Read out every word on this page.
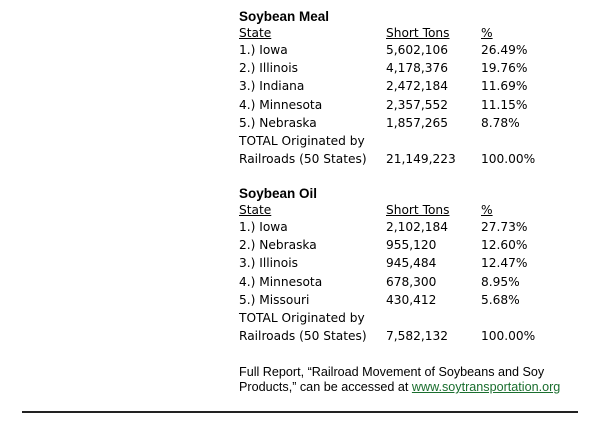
Soybean Meal
State	Short Tons	%
1.) Iowa	5,602,106	26.49%
2.) Illinois	4,178,376	19.76%
3.) Indiana	2,472,184	11.69%
4.) Minnesota	2,357,552	11.15%
5.) Nebraska	1,857,265	8.78%
TOTAL Originated by
Railroads (50 States) 21,149,223 100.00%
Soybean Oil
State	Short Tons	%
1.) Iowa	2,102,184	27.73%
2.) Nebraska	955,120	12.60%
3.) Illinois	945,484	12.47%
4.) Minnesota	678,300	8.95%
5.) Missouri	430,412	5.68%
TOTAL Originated by
Railroads (50 States) 7,582,132	100.00%
Full Report, “Railroad Movement of Soybeans and Soy Products,” can be accessed at www.soytransportation.org
